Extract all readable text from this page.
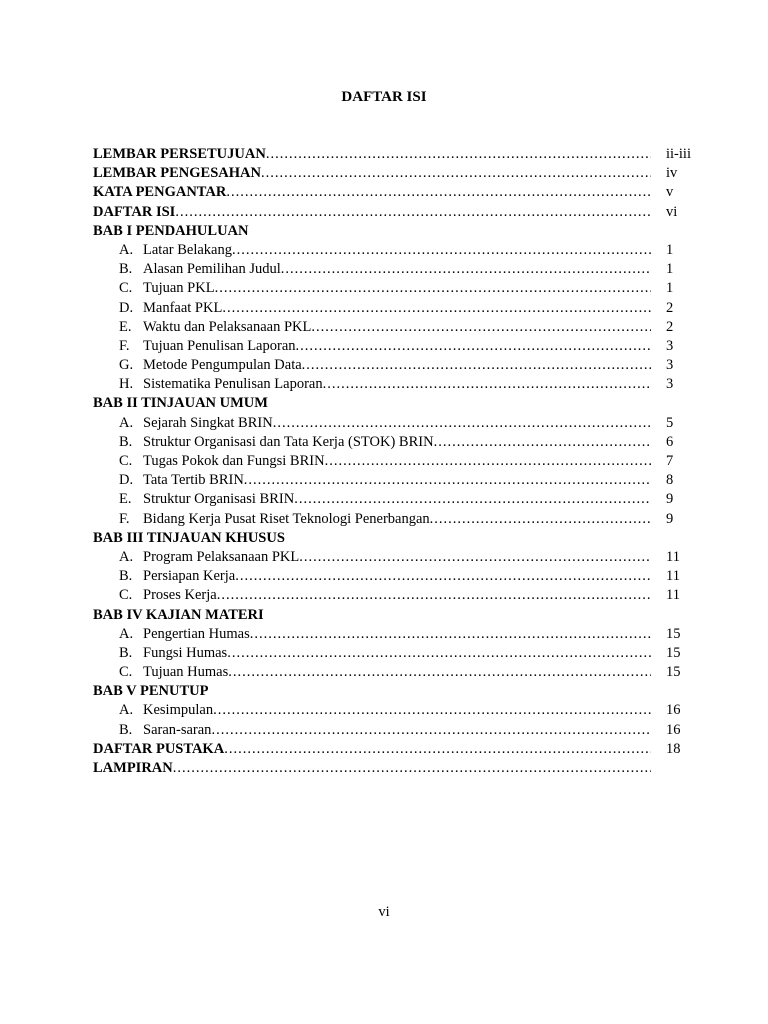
DAFTAR ISI
LEMBAR PERSETUJUAN .....	ii-iii
LEMBAR PENGESAHAN .....	iv
KATA PENGANTAR .....	v
DAFTAR ISI .....	vi
BAB I PENDAHULUAN
A. Latar Belakang .....	1
B. Alasan Pemilihan Judul .....	1
C. Tujuan PKL .....	1
D. Manfaat PKL .....	2
E. Waktu dan Pelaksanaan PKL .....	2
F. Tujuan Penulisan Laporan .....	3
G. Metode Pengumpulan Data .....	3
H. Sistematika Penulisan Laporan .....	3
BAB II TINJAUAN UMUM
A. Sejarah Singkat BRIN .....	5
B. Struktur Organisasi dan Tata Kerja (STOK) BRIN .....	6
C. Tugas Pokok dan Fungsi BRIN .....	7
D. Tata Tertib BRIN .....	8
E. Struktur Organisasi BRIN .....	9
F. Bidang Kerja Pusat Riset Teknologi Penerbangan .....	9
BAB III TINJAUAN KHUSUS
A. Program Pelaksanaan PKL .....	11
B. Persiapan Kerja .....	11
C. Proses Kerja .....	11
BAB IV KAJIAN MATERI
A. Pengertian Humas .....	15
B. Fungsi Humas .....	15
C. Tujuan Humas .....	15
BAB V PENUTUP
A. Kesimpulan .....	16
B. Saran-saran .....	16
DAFTAR PUSTAKA .....	18
LAMPIRAN .....
vi
